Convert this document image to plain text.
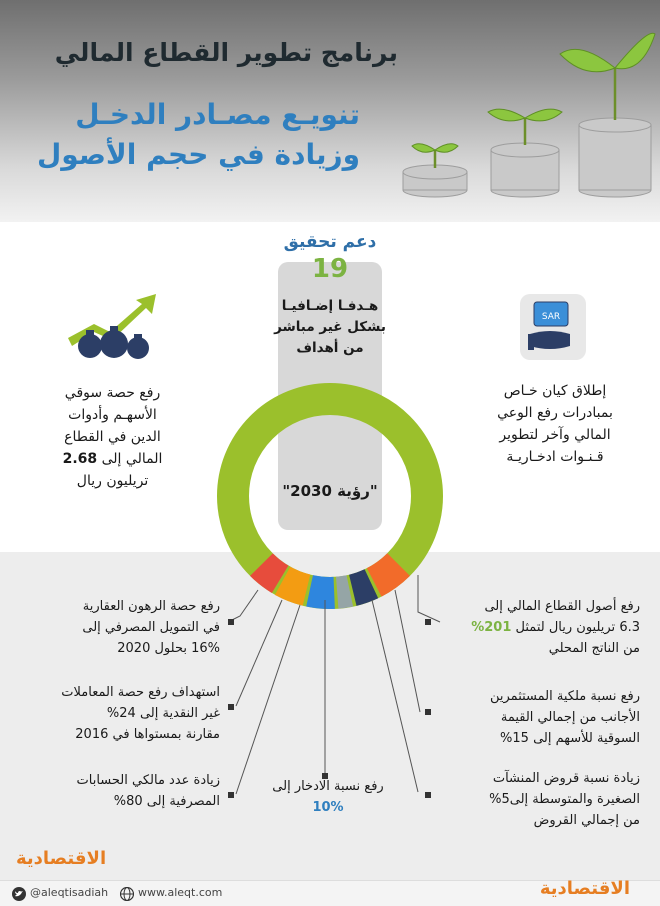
برنامج تطوير القطاع المالي
تنويـع مصـادر الدخـل
وزيادة في حجم الأصول
دعم تحقيق
19
هـدفـا إضـافيـا
بشكل غير مباشر
من أهداف
"رؤية 2030"
SAR
رفع حصة سوقي
الأسهـم وأدوات
الدين في القطاع
المالي إلى 2.68
تريليون ريال
إطلاق كيان خـاص
بمبادرات رفع الوعي
المالي وآخر لتطوير
قـنـوات ادخـاريـة
رفع أصول القطاع المالي إلى
6.3 تريليون ريال لتمثل 201%
من الناتج المحلي
رفع نسبة ملكية المستثمرين
الأجانب من إجمالي القيمة
السوقية للأسهم إلى 15%
زيادة نسبة قروض المنشآت
الصغيرة والمتوسطة إلى5%
من إجمالي القروض
رفع حصة الرهون العقارية
في التمويل المصرفي إلى
16% بحلول 2020
استهداف رفع حصة المعاملات
غير النقدية إلى 24%
مقارنة بمستواها في 2016
زيادة عدد مالكي الحسابات
المصرفية إلى 80%
رفع نسبة الادخار إلى
10%
الاقتصادية
@aleqtisadiah	www.aleqt.com	الاقتصادية
